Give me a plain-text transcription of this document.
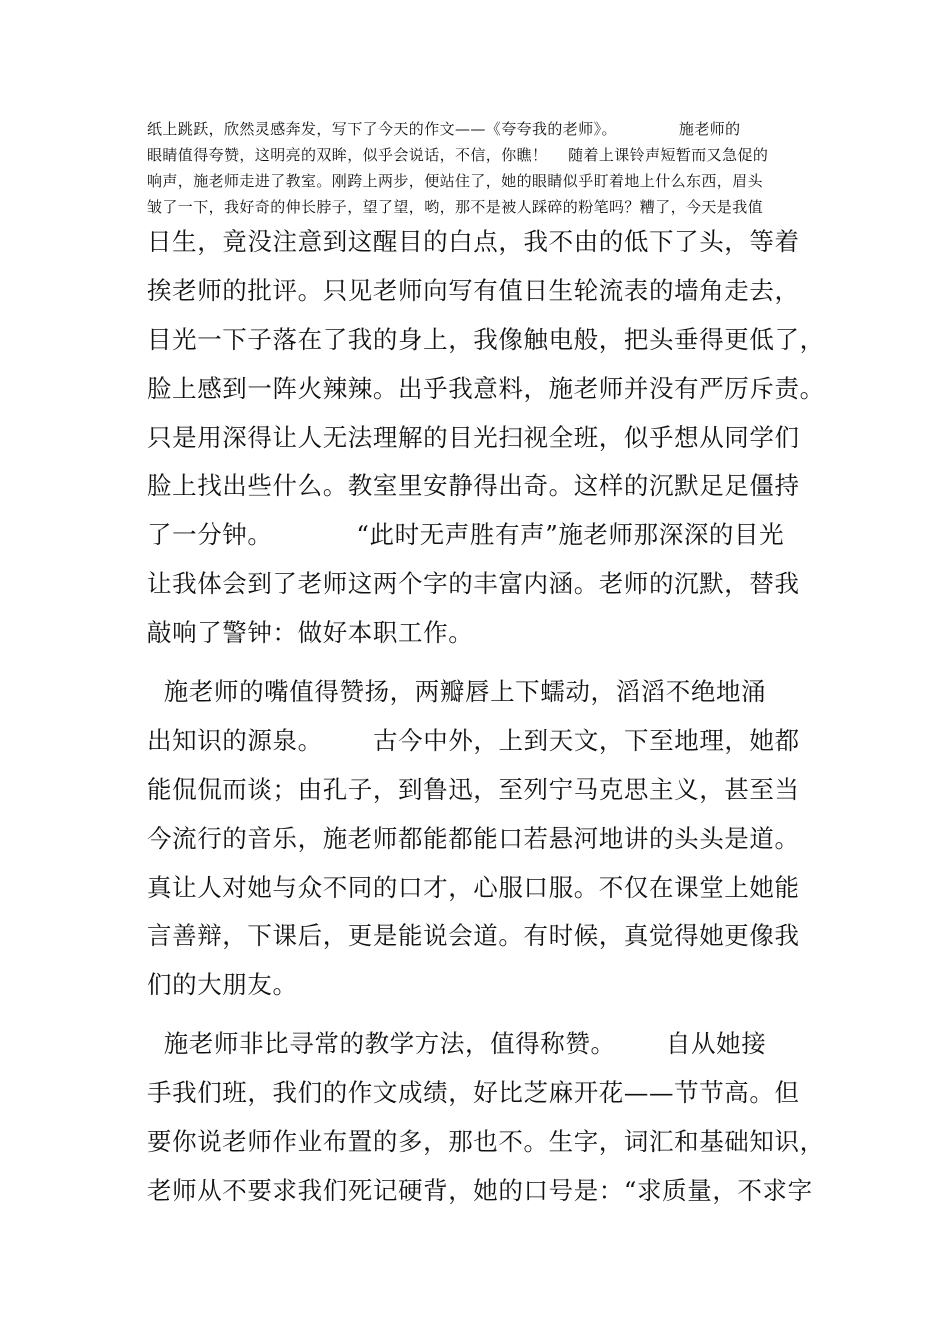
纸上跳跃，欣然灵感奔发，写下了今天的作文——《夸夸我的老师》。            施老师的
眼睛值得夸赞，这明亮的双眸，似乎会说话，不信，你瞧！    随着上课铃声短暂而又急促的
响声，施老师走进了教室。刚跨上两步，便站住了，她的眼睛似乎盯着地上什么东西，眉头
皱了一下，我好奇的伸长脖子，望了望，哟，那不是被人踩碎的粉笔吗？糟了，今天是我值
日生，竟没注意到这醒目的白点，我不由的低下了头，等着
挨老师的批评。只见老师向写有值日生轮流表的墙角走去，
目光一下子落在了我的身上，我像触电般，把头垂得更低了，
脸上感到一阵火辣辣。出乎我意料，施老师并没有严厉斥责。
只是用深得让人无法理解的目光扫视全班，似乎想从同学们
脸上找出些什么。教室里安静得出奇。这样的沉默足足僵持
了一分钟。          “此时无声胜有声”施老师那深深的目光
让我体会到了老师这两个字的丰富内涵。老师的沉默，替我
敲响了警钟：做好本职工作。
施老师的嘴值得赞扬，两瓣唇上下蠕动，滔滔不绝地涌
出知识的源泉。      古今中外，上到天文，下至地理，她都
能侃侃而谈；由孔子，到鲁迅，至列宁马克思主义，甚至当
今流行的音乐，施老师都能都能口若悬河地讲的头头是道。
真让人对她与众不同的口才，心服口服。不仅在课堂上她能
言善辩，下课后，更是能说会道。有时候，真觉得她更像我
们的大朋友。
施老师非比寻常的教学方法，值得称赞。      自从她接
手我们班，我们的作文成绩，好比芝麻开花——节节高。但
要你说老师作业布置的多，那也不。生字，词汇和基础知识，
老师从不要求我们死记硬背，她的口号是：“求质量，不求字
